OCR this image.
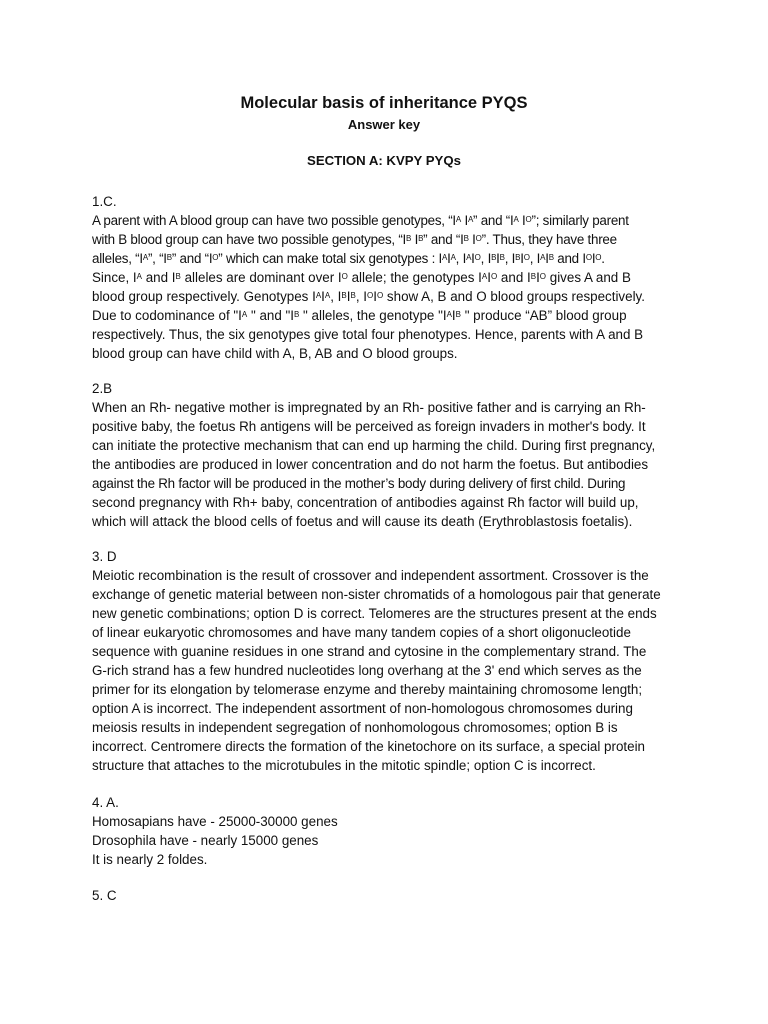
Molecular basis of inheritance PYQS
Answer key
SECTION A: KVPY PYQs
1.C.
A parent with A blood group can have two possible genotypes, “$I^A$ $I^A$” and “$I^A$ $I^O$”; similarly parent
with B blood group can have two possible genotypes, “$I^B$ $I^B$” and “$I^B$ $I^O$”. Thus, they have three
alleles, “$I^A$”, “$I^B$” and “$I^O$” which can make total six genotypes : $I^AI^A$, $I^AI^O$, $I^BI^B$, $I^BI^O$, $I^AI^B$ and $I^OI^O$.
Since, $I^A$ and $I^B$ alleles are dominant over $I^O$ allele; the genotypes $I^AI^O$ and $I^BI^O$ gives A and B
blood group respectively. Genotypes $I^AI^A$, $I^BI^B$, $I^OI^O$ show A, B and O blood groups respectively.
Due to codominance of "$I^A$ " and "$I^B$ " alleles, the genotype "$I^AI^B$ " produce “AB” blood group
respectively. Thus, the six genotypes give total four phenotypes. Hence, parents with A and B
blood group can have child with A, B, AB and O blood groups.
2.B
When an Rh- negative mother is impregnated by an Rh- positive father and is carrying an Rh-
positive baby, the foetus Rh antigens will be perceived as foreign invaders in mother's body. It
can initiate the protective mechanism that can end up harming the child. During first pregnancy,
the antibodies are produced in lower concentration and do not harm the foetus. But antibodies
against the Rh factor will be produced in the mother’s body during delivery of first child. During
second pregnancy with Rh+ baby, concentration of antibodies against Rh factor will build up,
which will attack the blood cells of foetus and will cause its death (Erythroblastosis foetalis).
3. D
Meiotic recombination is the result of crossover and independent assortment. Crossover is the
exchange of genetic material between non-sister chromatids of a homologous pair that generate
new genetic combinations; option D is correct. Telomeres are the structures present at the ends
of linear eukaryotic chromosomes and have many tandem copies of a short oligonucleotide
sequence with guanine residues in one strand and cytosine in the complementary strand. The
G-rich strand has a few hundred nucleotides long overhang at the 3' end which serves as the
primer for its elongation by telomerase enzyme and thereby maintaining chromosome length;
option A is incorrect. The independent assortment of non-homologous chromosomes during
meiosis results in independent segregation of nonhomologous chromosomes; option B is
incorrect. Centromere directs the formation of the kinetochore on its surface, a special protein
structure that attaches to the microtubules in the mitotic spindle; option C is incorrect.
4. A.
Homosapians have - 25000-30000 genes
Drosophila have - nearly 15000 genes
It is nearly 2 foldes.
5. C
